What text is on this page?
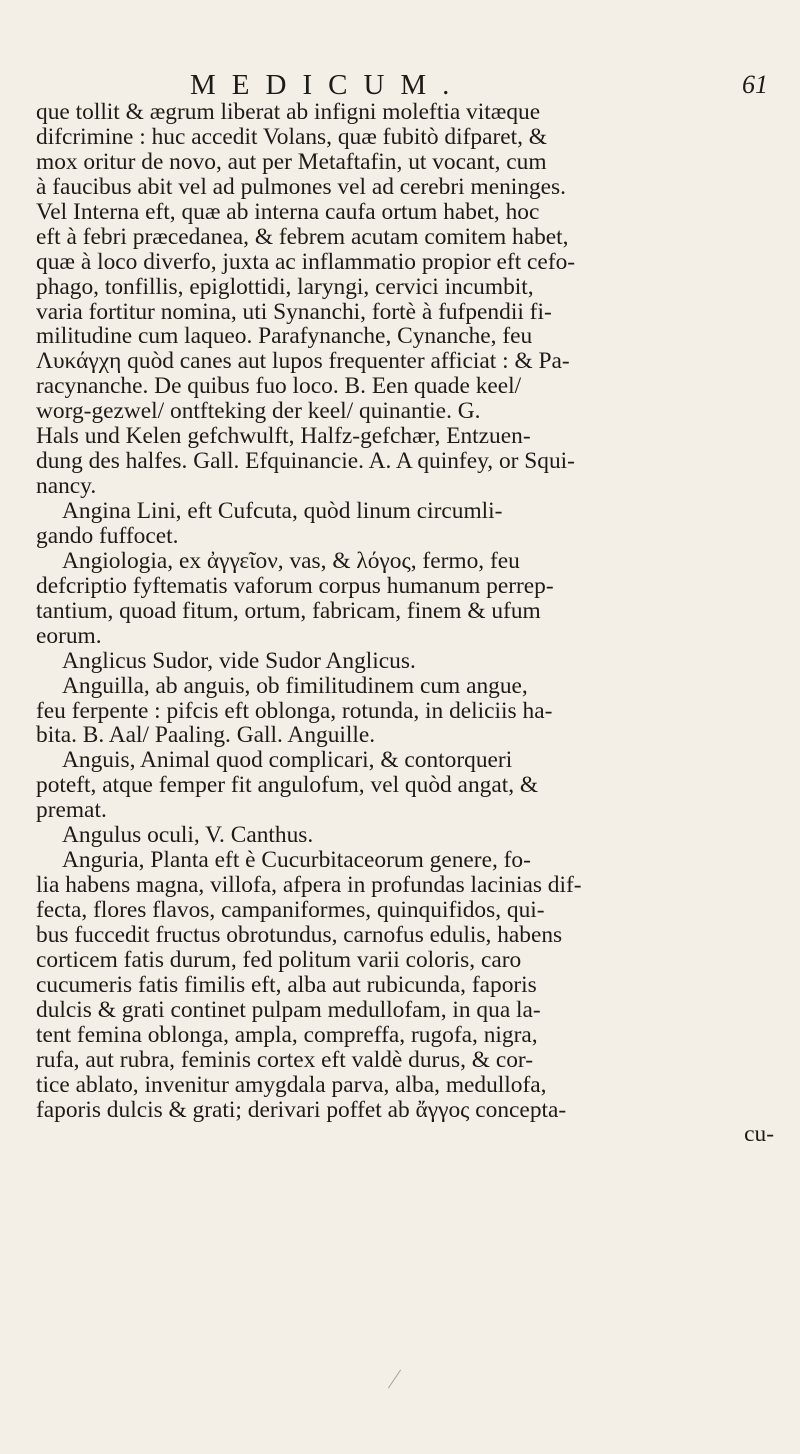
MEDICUM.	61
que tollit & ægrum liberat ab infigni moleftia vitæque
difcrimine : huc accedit Volans, quæ fubitò difparet, &
mox oritur de novo, aut per Metaftafin, ut vocant, cum
à faucibus abit vel ad pulmones vel ad cerebri meninges.
Vel Interna eft, quæ ab interna caufa ortum habet, hoc
eft à febri præcedanea, & febrem acutam comitem habet,
quæ à loco diverfo, juxta ac inflammatio propior eft cefo-
phago, tonfillis, epiglottidi, laryngi, cervici incumbit,
varia fortitur nomina, uti Synanchi, fortè à fufpendii fi-
militudine cum laqueo. Parafynanche, Cynanche, feu
Λυκάγχη quòd canes aut lupos frequenter afficiat : & Pa-
racynanche. De quibus fuo loco. B. Een quade keel/
worg-gezwel/ ontfteking der keel/ quinantie. G.
Hals und Kelen gefchwulft, Halfz-gefchær, Entzuen-
dung des halfes. Gall. Efquinancie. A. A quinfey, or Squi-
nancy.
Angina Lini, eft Cufcuta, quòd linum circumli-
gando fuffocet.
Angiologia, ex ἀγγεῖον, vas, & λόγος, fermo, feu
defcriptio fyftematis vaforum corpus humanum perrep-
tantium, quoad fitum, ortum, fabricam, finem & ufum
eorum.
Anglicus Sudor, vide Sudor Anglicus.
Anguilla, ab anguis, ob fimilitudinem cum angue,
feu ferpente : pifcis eft oblonga, rotunda, in deliciis ha-
bita. B. Aal/ Paaling. Gall. Anguille.
Anguis, Animal quod complicari, & contorqueri
poteft, atque femper fit angulofum, vel quòd angat, &
premat.
Angulus oculi, V. Canthus.
Anguria, Planta eft è Cucurbitaceorum genere, fo-
lia habens magna, villofa, afpera in profundas lacinias dif-
fecta, flores flavos, campaniformes, quinquifidos, qui-
bus fuccedit fructus obrotundus, carnofus edulis, habens
corticem fatis durum, fed politum varii coloris, caro
cucumeris fatis fimilis eft, alba aut rubicunda, faporis
dulcis & grati continet pulpam medullofam, in qua la-
tent femina oblonga, ampla, compreffa, rugofa, nigra,
rufa, aut rubra, feminis cortex eft valdè durus, & cor-
tice ablato, invenitur amygdala parva, alba, medullofa,
faporis dulcis & grati; derivari poffet ab ἄγγος concepta-
cu-
